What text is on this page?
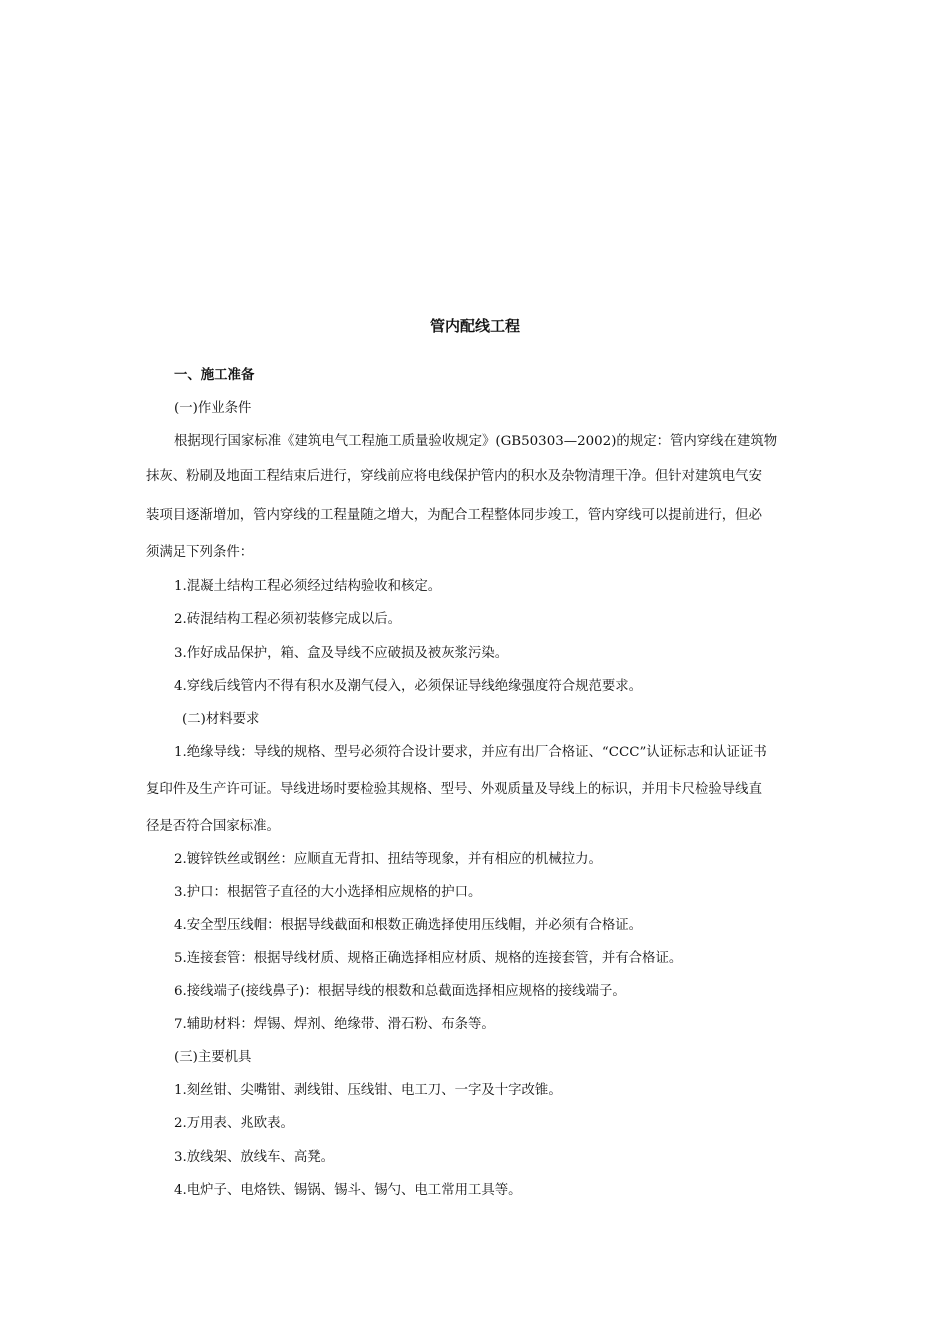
管内配线工程
一、施工准备
(一)作业条件
根据现行国家标准《建筑电气工程施工质量验收规定》(GB50303—2002)的规定：管内穿线在建筑物
抹灰、粉刷及地面工程结束后进行，穿线前应将电线保护管内的积水及杂物清理干净。但针对建筑电气安
装项目逐渐增加，管内穿线的工程量随之增大，为配合工程整体同步竣工，管内穿线可以提前进行，但必
须满足下列条件：
1.混凝土结构工程必须经过结构验收和核定。
2.砖混结构工程必须初装修完成以后。
3.作好成品保护，箱、盒及导线不应破损及被灰浆污染。
4.穿线后线管内不得有积水及潮气侵入，必须保证导线绝缘强度符合规范要求。
(二)材料要求
1.绝缘导线：导线的规格、型号必须符合设计要求，并应有出厂合格证、“CCC”认证标志和认证证书
复印件及生产许可证。导线进场时要检验其规格、型号、外观质量及导线上的标识，并用卡尺检验导线直
径是否符合国家标准。
2.镀锌铁丝或钢丝：应顺直无背扣、扭结等现象，并有相应的机械拉力。
3.护口：根据管子直径的大小选择相应规格的护口。
4.安全型压线帽：根据导线截面和根数正确选择使用压线帽，并必须有合格证。
5.连接套管：根据导线材质、规格正确选择相应材质、规格的连接套管，并有合格证。
6.接线端子(接线鼻子)：根据导线的根数和总截面选择相应规格的接线端子。
7.辅助材料：焊锡、焊剂、绝缘带、滑石粉、布条等。
(三)主要机具
1.刻丝钳、尖嘴钳、剥线钳、压线钳、电工刀、一字及十字改锥。
2.万用表、兆欧表。
3.放线架、放线车、高凳。
4.电炉子、电烙铁、锡锅、锡斗、锡勺、电工常用工具等。
